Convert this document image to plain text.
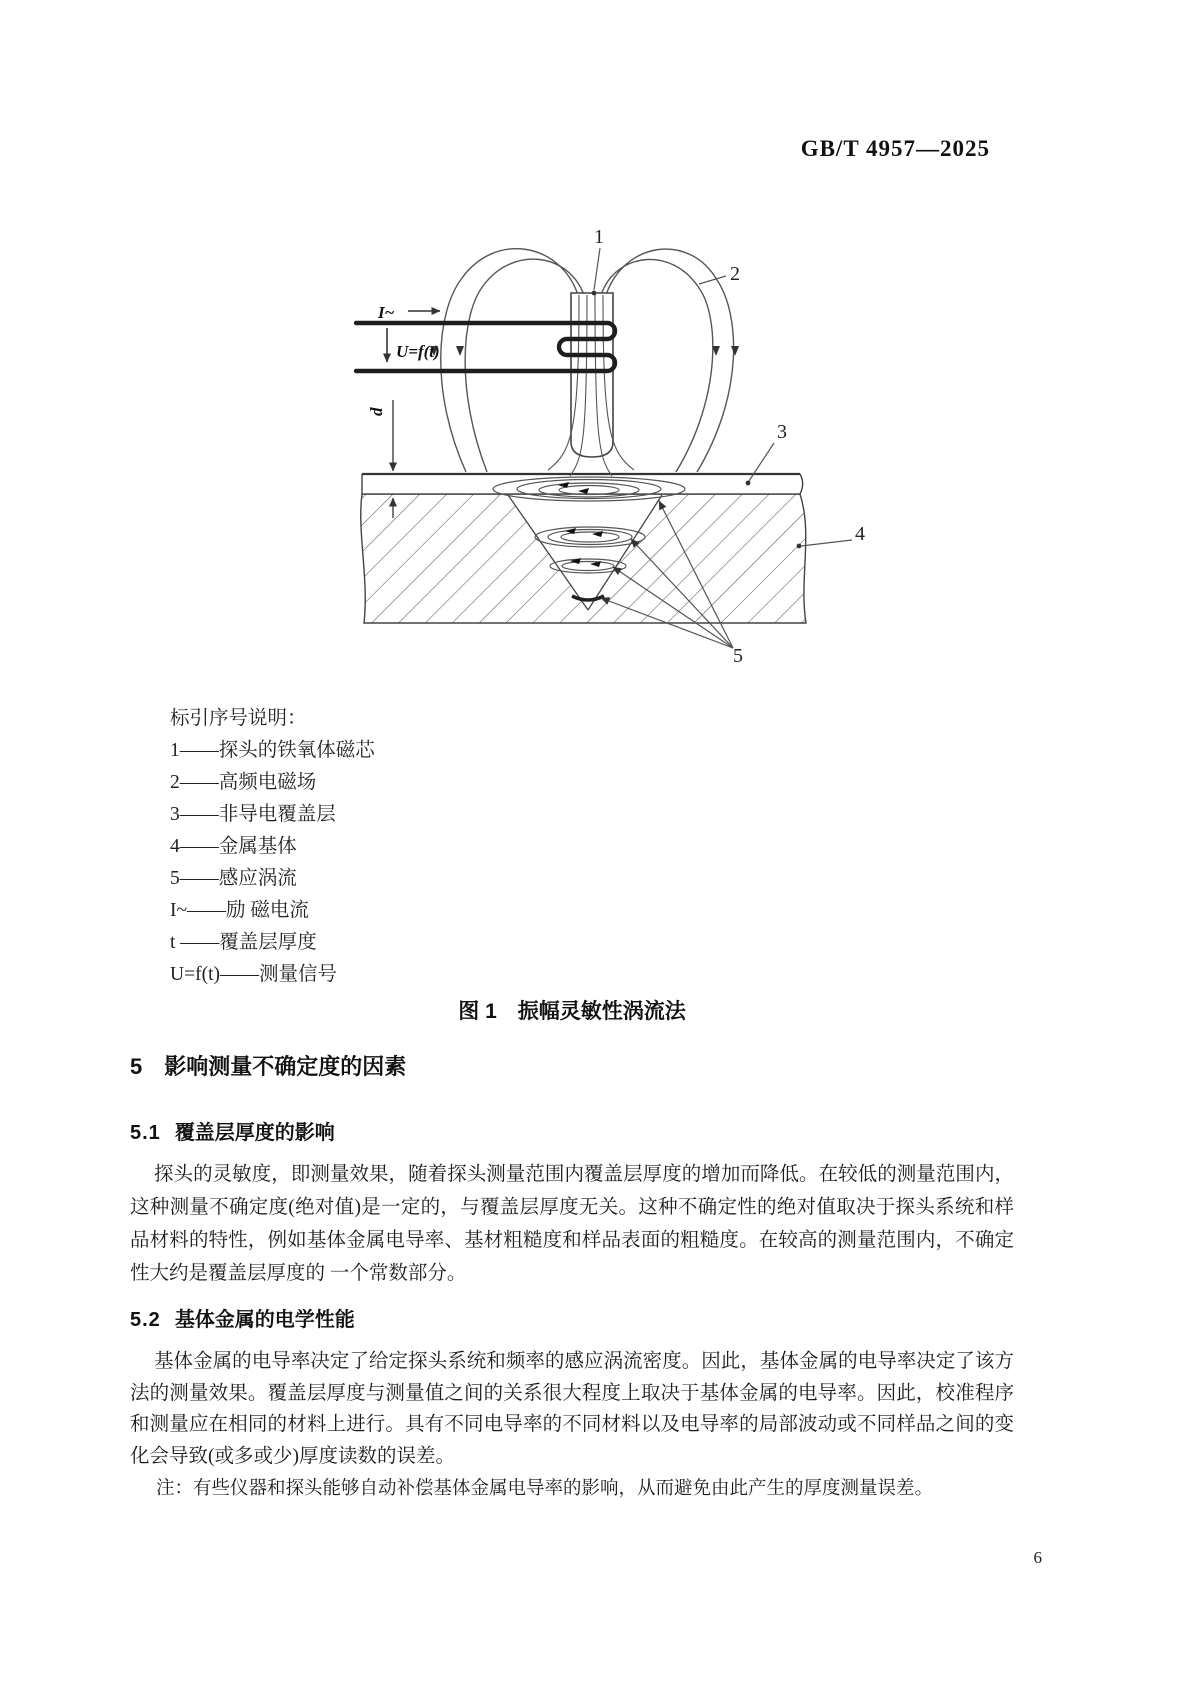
GB/T 4957—2025
I~
U=f(t)
d
1
2
3
4
5
标引序号说明：
1——探头的铁氧体磁芯
2——高频电磁场
3——非导电覆盖层
4——金属基体
5——感应涡流
I~——励 磁电流
t ——覆盖层厚度
U=f(t)——测量信号
图 1　振幅灵敏性涡流法
5 影响测量不确定度的因素
5.1 覆盖层厚度的影响
探头的灵敏度，即测量效果，随着探头测量范围内覆盖层厚度的增加而降低。在较低的测量范围内，这种测量不确定度(绝对值)是一定的，与覆盖层厚度无关。这种不确定性的绝对值取决于探头系统和样品材料的特性，例如基体金属电导率、基材粗糙度和样品表面的粗糙度。在较高的测量范围内，不确定性大约是覆盖层厚度的 一个常数部分。
5.2 基体金属的电学性能
基体金属的电导率决定了给定探头系统和频率的感应涡流密度。因此，基体金属的电导率决定了该方法的测量效果。覆盖层厚度与测量值之间的关系很大程度上取决于基体金属的电导率。因此，校准程序和测量应在相同的材料上进行。具有不同电导率的不同材料以及电导率的局部波动或不同样品之间的变化会导致(或多或少)厚度读数的误差。
注：有些仪器和探头能够自动补偿基体金属电导率的影响，从而避免由此产生的厚度测量误差。
6
